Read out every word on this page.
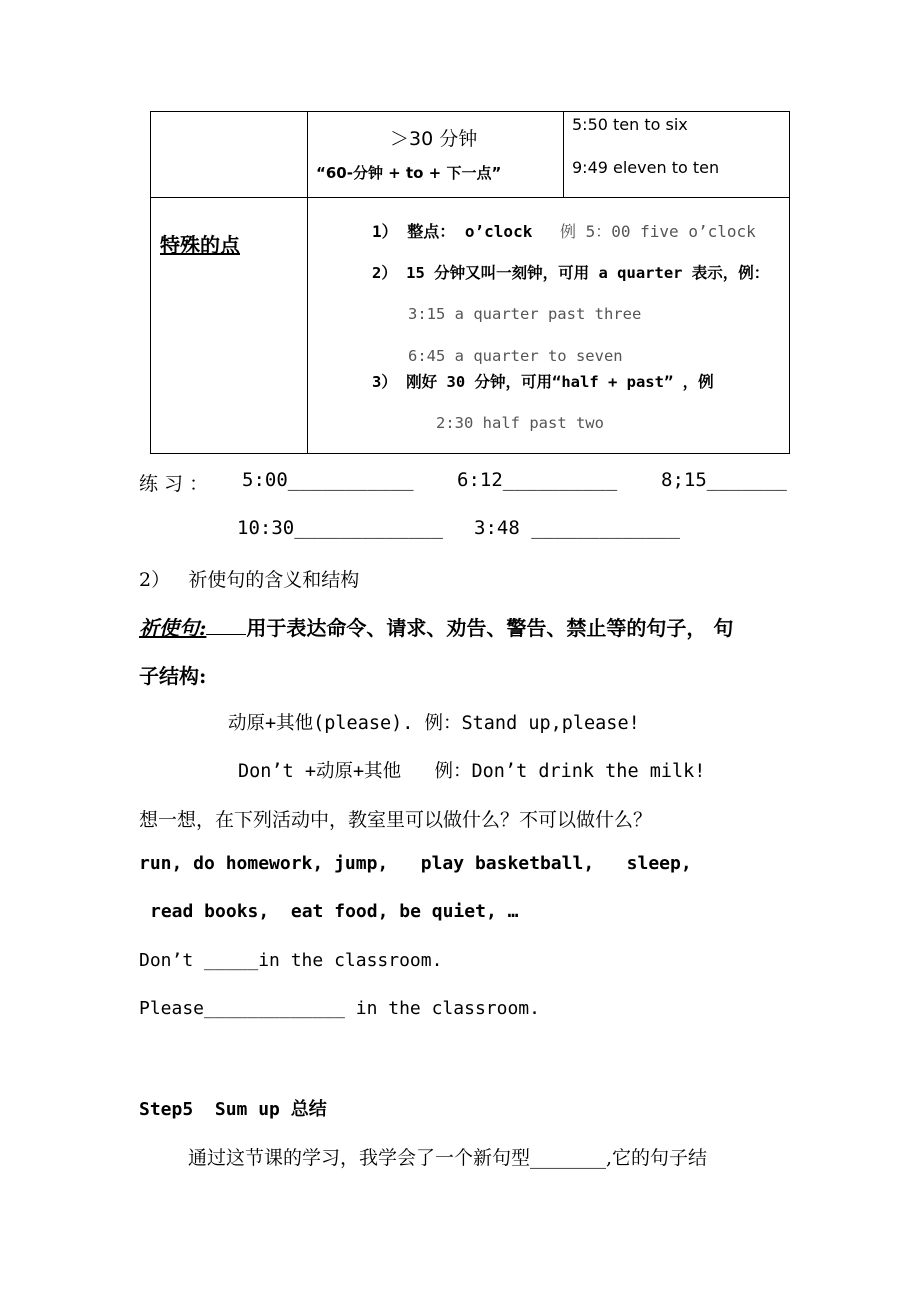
＞30 分钟
“60-分钟 + to + 下一点”
5:50 ten to six
9:49 eleven to ten
特殊的点
1） 整点： o’clock 例 5：00 five o’clock
2） 15 分钟又叫一刻钟，可用 a quarter 表示，例：
3:15 a quarter past three
6:45 a quarter to seven
3） 刚好 30 分钟，可用“half + past” ，例
2:30 half past two
练 习 ： 5:00___________ 6:12__________ 8;15_______
10:30_____________ 3:48 _____________
2）   祈使句的含义和结构
祈使句: 用于表达命令、请求、劝告、警告、禁止等的句子， 句
子结构:
动原+其他(please). 例：Stand up,please!
Don’t +动原+其他   例：Don’t drink the milk!
想一想，在下列活动中，教室里可以做什么？不可以做什么？
run, do homework, jump,   play basketball,   sleep,
read books,  eat food, be quiet, …
Don’t _____in the classroom.
Please_____________ in the classroom.
Step5  Sum up 总结
通过这节课的学习，我学会了一个新句型________,它的句子结
